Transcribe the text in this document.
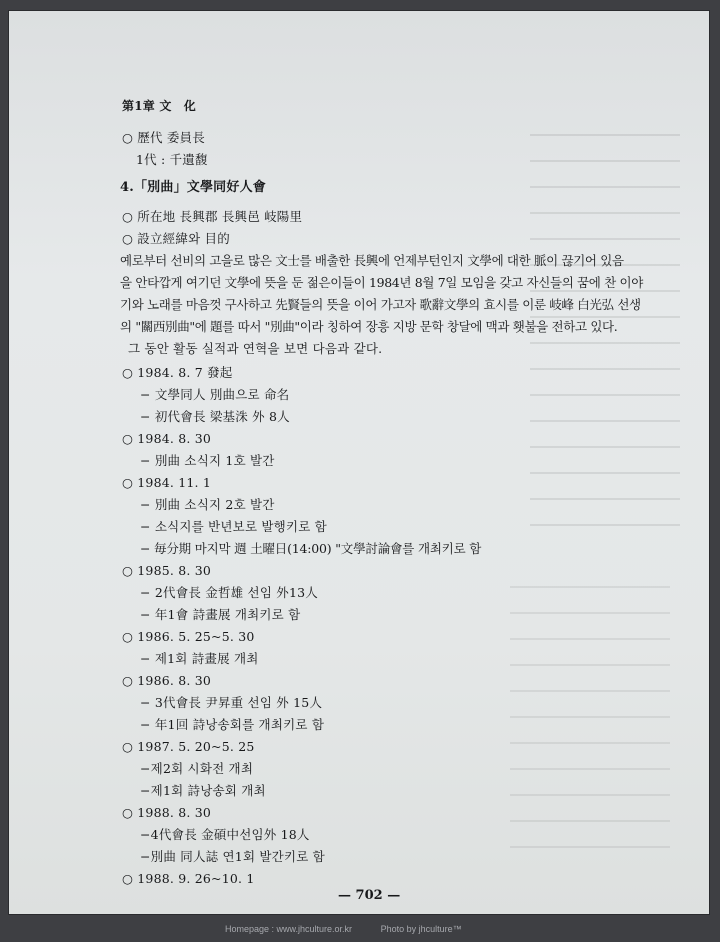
第1章 文　化
○ 歷代 委員長
1代 : 千遺馥
4.「別曲」文學同好人會
○ 所在地 長興郡 長興邑 岐陽里
○ 設立經緯와 目的
예로부터 선비의 고을로 많은 文士를 배출한 長興에 언제부턴인지 文學에 대한 脈이 끊기어 있음
을 안타깝게 여기던 文學에 뜻을 둔 젊은이들이 1984년 8월 7일 모임을 갖고 자신들의 꿈에 찬 이야
기와 노래를 마음껏 구사하고 先賢들의 뜻을 이어 가고자 歌辭文學의 효시를 이룬 岐峰 白光弘 선생
의 "關西別曲"에 題를 따서 "別曲"이라 칭하여 장흥 지방 문학 창달에 맥과 횃불을 전하고 있다.
그 동안 활동 실적과 연혁을 보면 다음과 같다.
○ 1984. 8. 7 發起
− 文學同人 別曲으로 命名
− 初代會長 梁基洙 外 8人
○ 1984. 8. 30
− 別曲 소식지 1호 발간
○ 1984. 11. 1
− 別曲 소식지 2호 발간
− 소식지를 반년보로 발행키로 함
− 毎分期 마지막 週 土曜日(14:00) "文學討論會를 개최키로 함
○ 1985. 8. 30
− 2代會長 金哲雄 선임 外13人
− 年1會 詩畫展 개최키로 함
○ 1986. 5. 25~5. 30
− 제1회 詩畫展 개최
○ 1986. 8. 30
− 3代會長 尹昇重 선임 外 15人
− 年1回 詩낭송회를 개최키로 함
○ 1987. 5. 20~5. 25
−제2회 시화전 개최
−제1회 詩낭송회 개최
○ 1988. 8. 30
−4代會長 金碩中선임外 18人
−別曲 同人誌 연1회 발간키로 함
○ 1988. 9. 26~10. 1
— 702 —
Homepage : www.jhculture.or.kr	Photo by jhculture™
